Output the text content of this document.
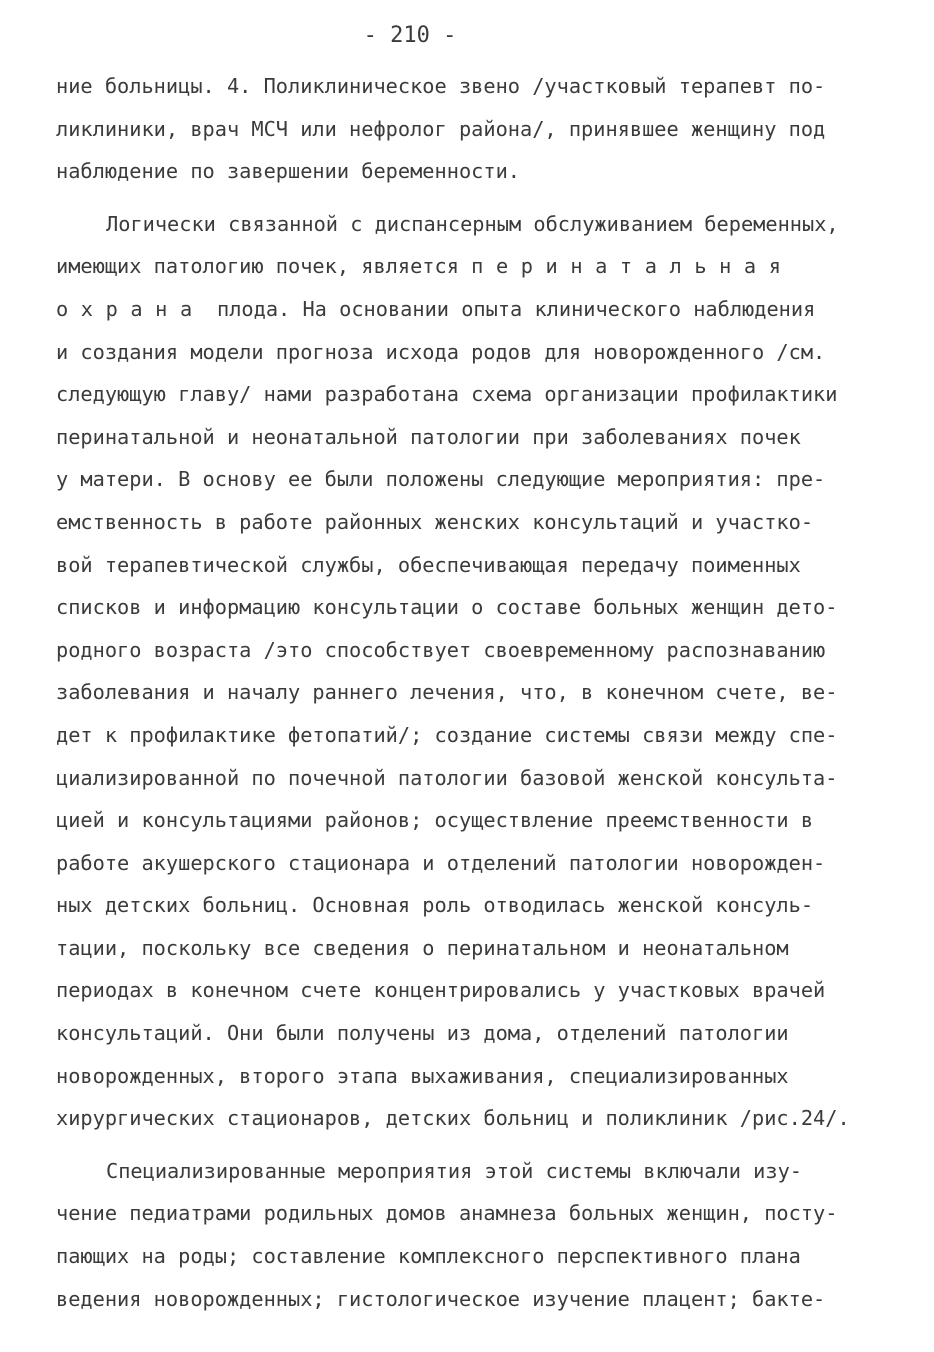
- 210 -
ние больницы. 4. Поликлиническое звено /участковый терапевт по-
ликлиники, врач МСЧ или нефролог района/, принявшее женщину под
наблюдение по завершении беременности.
Логически связанной с диспансерным обслуживанием беременных,
имеющих патологию почек, является перинатальная
охрана плода. На основании опыта клинического наблюдения
и создания модели прогноза исхода родов для новорожденного /см.
следующую главу/ нами разработана схема организации профилактики
перинатальной и неонатальной патологии при заболеваниях почек
у матери. В основу ее были положены следующие мероприятия: пре-
емственность в работе районных женских консультаций и участко-
вой терапевтической службы, обеспечивающая передачу поименных
списков и информацию консультации о составе больных женщин дето-
родного возраста /это способствует своевременному распознаванию
заболевания и началу раннего лечения, что, в конечном счете, ве-
дет к профилактике фетопатий/; создание системы связи между спе-
циализированной по почечной патологии базовой женской консульта-
цией и консультациями районов; осуществление преемственности в
работе акушерского стационара и отделений патологии новорожден-
ных детских больниц. Основная роль отводилась женской консуль-
тации, поскольку все сведения о перинатальном и неонатальном
периодах в конечном счете концентрировались у участковых врачей
консультаций. Они были получены из дома, отделений патологии
новорожденных, второго этапа выхаживания, специализированных
хирургических стационаров, детских больниц и поликлиник /рис.24/.
Специализированные мероприятия этой системы включали изу-
чение педиатрами родильных домов анамнеза больных женщин, посту-
пающих на роды; составление комплексного перспективного плана
ведения новорожденных; гистологическое изучение плацент; бакте-
